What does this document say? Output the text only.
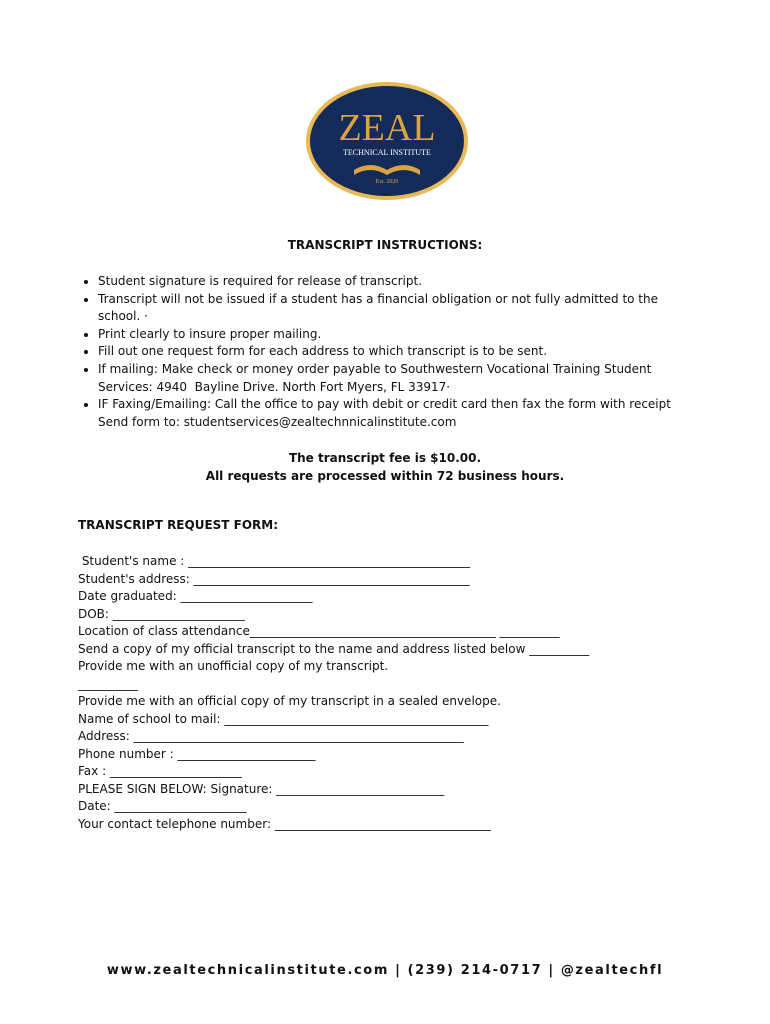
ZEAL
TECHNICAL INSTITUTE
Est. 2020
TRANSCRIPT INSTRUCTIONS:
• Student signature is required for release of transcript.
• Transcript will not be issued if a student has a financial obligation or not fully admitted to the school. ·
• Print clearly to insure proper mailing.
• Fill out one request form for each address to which transcript is to be sent.
• If mailing: Make check or money order payable to Southwestern Vocational Training Student Services: 4940  Bayline Drive. North Fort Myers, FL 33917·
• IF Faxing/Emailing: Call the office to pay with debit or credit card then fax the form with receipt Send form to: studentservices@zealtechnnicalinstitute.com
The transcript fee is $10.00.
All requests are processed within 72 business hours.
TRANSCRIPT REQUEST FORM:
Student's name : _______________________________________________
Student's address: ______________________________________________
Date graduated: ______________________
DOB: ______________________
Location of class attendance_________________________________________ __________
Send a copy of my official transcript to the name and address listed below __________
Provide me with an unofficial copy of my transcript.
__________
Provide me with an official copy of my transcript in a sealed envelope.
Name of school to mail: ____________________________________________
Address: _______________________________________________________
Phone number : _______________________
Fax : ______________________
PLEASE SIGN BELOW: Signature: ____________________________
Date: ______________________
Your contact telephone number: ____________________________________
www.zealtechnicalinstitute.com | (239) 214-0717 | @zealtechfl
